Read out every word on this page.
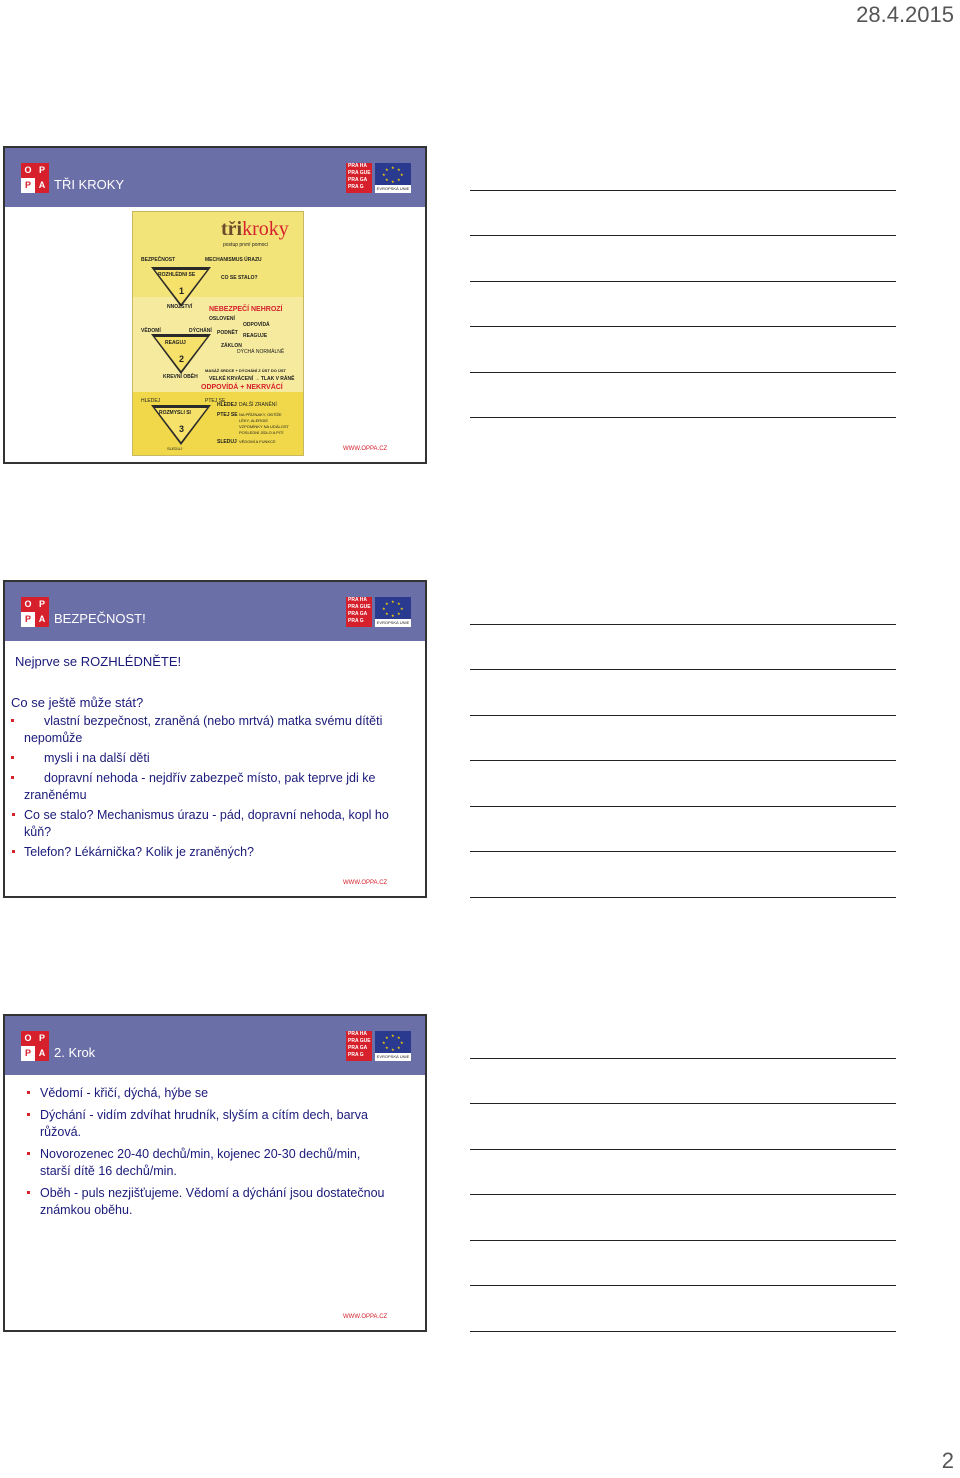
28.4.2015
O P
P A TŘI KROKY
PRA HA
PRA GUE
PRA GA
PRA G
★ ★
★
★
★
★
★
★
EVROPSKÁ UNIE
třikroky
postup první pomoci
BEZPEČNOST	MECHANISMUS ÚRAZU
ROZHLÉDNI SE
1
CO SE STALO?
NNOŽSTVÍ NEBEZPEČÍ NEHROZÍ
OSLOVENÍ
ODPOVÍDÁ
VĚDOMÍ	DÝCHÁNÍ PODNĚT REAGUJE
REAGUJ
2
ZÁKLON
DÝCHÁ NORMÁLNĚ
KREVNÍ OBĚH
MASÁŽ SRDCE + DÝCHÁNÍ Z ÚST DO ÚST
VELKÉ KRVÁCENÍ → TLAK V RÁNĚ
ODPOVÍDÁ + NEKRVÁCÍ
HLEDEJ	PTEJ SE
ROZMYSLI SI
3
HLEDEJ DALŠÍ ZRANĚNÍ
PTEJ SE NA PŘÍZNAKY, OBTÍŽE
LÉKY, ALERGIE
VZPOMÍNKY NA UDÁLOST
POSLEDNÍ JÍDLO A PITÍ
SLEDUJ VĚDOMÍ A FUNKCE
SLEDUJ	WWW.OPPA.CZ
O P
P A BEZPEČNOST!
PRA HA
PRA GUE
PRA GA
PRA G
★ ★
★
★
★
★
★
★
EVROPSKÁ UNIE
Nejprve se ROZHLÉDNĚTE!
Co se ještě může stát?
vlastní bezpečnost, zraněná (nebo mrtvá) matka svému dítěti nepomůže
mysli i na další děti
dopravní nehoda - nejdřív zabezpeč místo, pak teprve jdi ke zraněnému
Co se stalo? Mechanismus úrazu - pád, dopravní nehoda, kopl ho kůň?
Telefon? Lékárnička? Kolik je zraněných?
WWW.OPPA.CZ
O P
P A 2. Krok
PRA HA
PRA GUE
PRA GA
PRA G
★ ★
★
★
★
★
★
★
EVROPSKÁ UNIE
Vědomí - křičí, dýchá, hýbe se
Dýchání - vidím zdvíhat hrudník, slyším a cítím dech, barva růžová.
Novorozenec 20-40 dechů/min, kojenec 20-30 dechů/min, starší dítě 16 dechů/min.
Oběh - puls nezjišťujeme. Vědomí a dýchání jsou dostatečnou známkou oběhu.
WWW.OPPA.CZ
2
